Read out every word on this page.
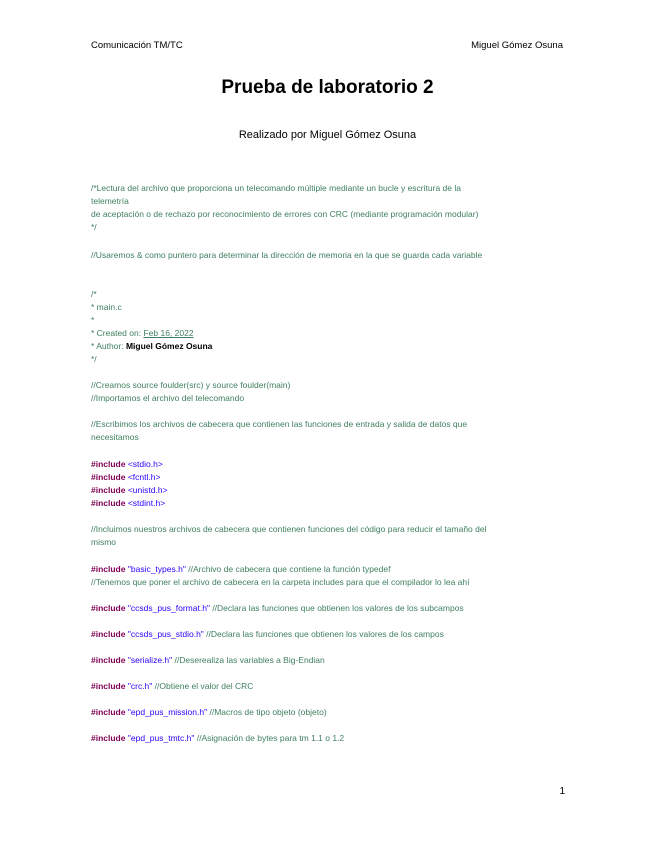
Comunicación TM/TC	Miguel Gómez Osuna
Prueba de laboratorio 2
Realizado por Miguel Gómez Osuna
/*Lectura del archivo que proporciona un telecomando múltiple mediante un bucle y escritura de la
telemetría
de aceptación o de rechazo por reconocimiento de errores con CRC (mediante programación modular)
*/
//Usaremos & como puntero para determinar la dirección de memoria en la que se guarda cada variable
/*
* main.c
*
* Created on: Feb 16, 2022
* Author: Miguel Gómez Osuna
*/
//Creamos source foulder(src) y source foulder(main)
//Importamos el archivo del telecomando
//Escribimos los archivos de cabecera que contienen las funciones de entrada y salida de datos que
necesitamos
#include <stdio.h>
#include <fcntl.h>
#include <unistd.h>
#include <stdint.h>
//Incluimos nuestros archivos de cabecera que contienen funciones del código para reducir el tamaño del
mismo
#include "basic_types.h" //Archivo de cabecera que contiene la función typedef
//Tenemos que poner el archivo de cabecera en la carpeta includes para que el compilador lo lea ahí
#include "ccsds_pus_format.h" //Declara las funciones que obtienen los valores de los subcampos
#include "ccsds_pus_stdio.h" //Declara las funciones que obtienen los valores de los campos
#include "serialize.h" //Deserealiza las variables a Big-Endian
#include "crc.h" //Obtiene el valor del CRC
#include "epd_pus_mission.h" //Macros de tipo objeto (objeto)
#include "epd_pus_tmtc.h" //Asignación de bytes para tm 1.1 o 1.2
1
